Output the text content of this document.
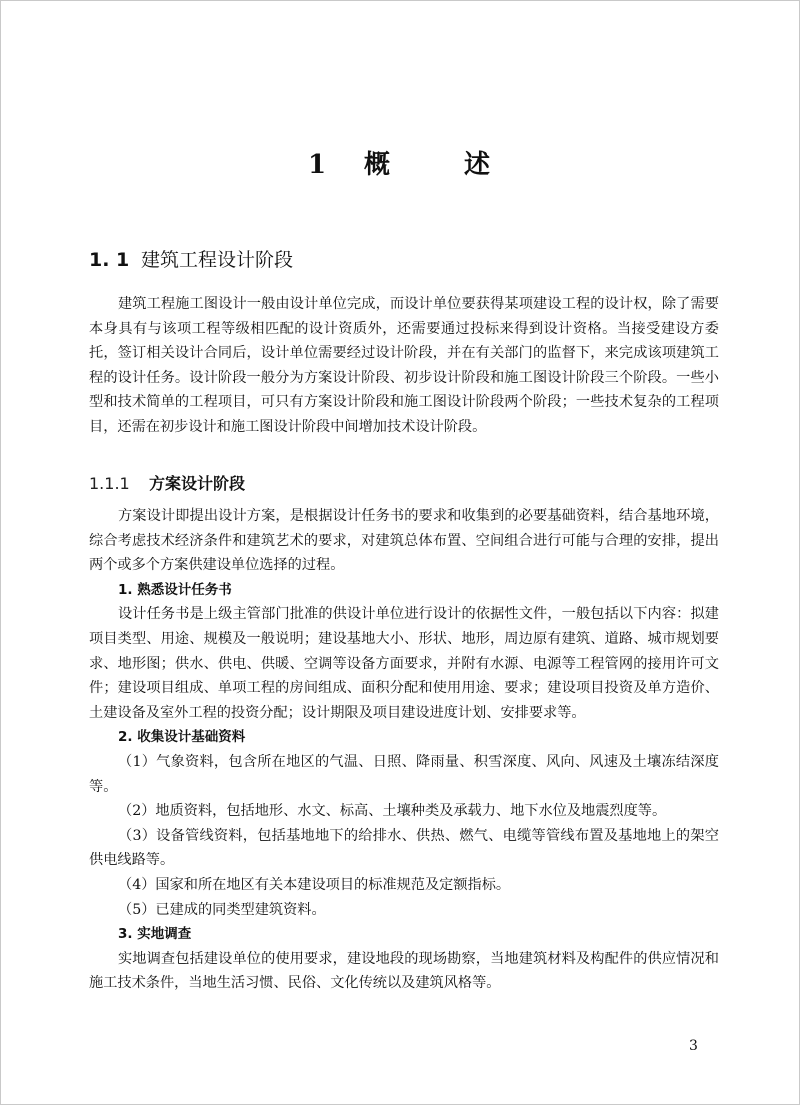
1 概	述
1. 1 建筑工程设计阶段

建筑工程施工图设计一般由设计单位完成，而设计单位要获得某项建设工程的设计权，除了需要本身具有与该项工程等级相匹配的设计资质外，还需要通过投标来得到设计资格。当接受建设方委托，签订相关设计合同后，设计单位需要经过设计阶段，并在有关部门的监督下，来完成该项建筑工程的设计任务。设计阶段一般分为方案设计阶段、初步设计阶段和施工图设计阶段三个阶段。一些小型和技术简单的工程项目，可只有方案设计阶段和施工图设计阶段两个阶段；一些技术复杂的工程项目，还需在初步设计和施工图设计阶段中间增加技术设计阶段。

1.1.1 方案设计阶段

方案设计即提出设计方案，是根据设计任务书的要求和收集到的必要基础资料，结合基地环境，综合考虑技术经济条件和建筑艺术的要求，对建筑总体布置、空间组合进行可能与合理的安排，提出两个或多个方案供建设单位选择的过程。

1. 熟悉设计任务书

设计任务书是上级主管部门批准的供设计单位进行设计的依据性文件，一般包括以下内容：拟建项目类型、用途、规模及一般说明；建设基地大小、形状、地形，周边原有建筑、道路、城市规划要求、地形图；供水、供电、供暖、空调等设备方面要求，并附有水源、电源等工程管网的接用许可文件；建设项目组成、单项工程的房间组成、面积分配和使用用途、要求；建设项目投资及单方造价、土建设备及室外工程的投资分配；设计期限及项目建设进度计划、安排要求等。

2. 收集设计基础资料

（1）气象资料，包含所在地区的气温、日照、降雨量、积雪深度、风向、风速及土壤冻结深度等。

（2）地质资料，包括地形、水文、标高、土壤种类及承载力、地下水位及地震烈度等。

（3）设备管线资料，包括基地地下的给排水、供热、燃气、电缆等管线布置及基地地上的架空供电线路等。

（4）国家和所在地区有关本建设项目的标准规范及定额指标。

（5）已建成的同类型建筑资料。

3. 实地调查

实地调查包括建设单位的使用要求，建设地段的现场勘察，当地建筑材料及构配件的供应情况和施工技术条件，当地生活习惯、民俗、文化传统以及建筑风格等。

3
